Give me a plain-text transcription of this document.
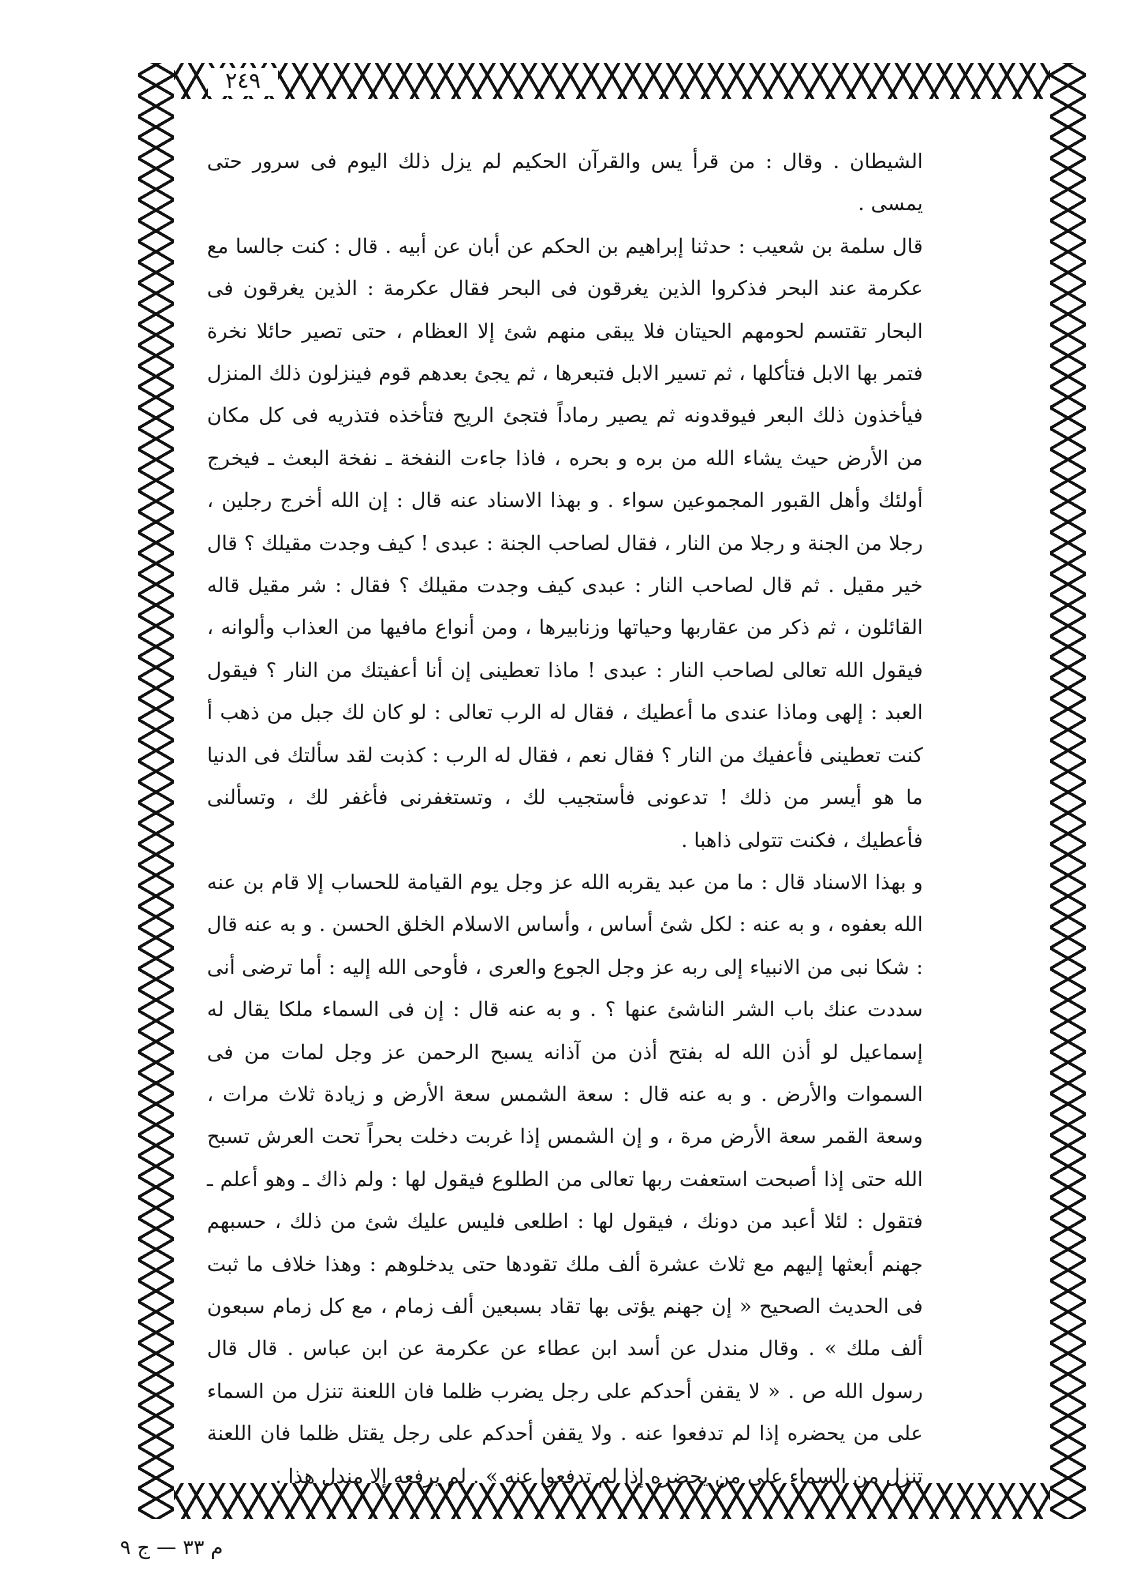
٢٤٩

الشيطان . وقال : من قرأ يس والقرآن الحكيم لم يزل ذلك اليوم فى سرور حتى يمسى .

قال سلمة بن شعيب : حدثنا إبراهيم بن الحكم عن أبان عن أبيه . قال : كنت جالسا مع عكرمة عند البحر فذكروا الذين يغرقون فى البحر فقال عكرمة : الذين يغرقون فى البحار تقتسم لحومهم الحيتان فلا يبقى منهم شئ إلا العظام ، حتى تصير حائلا نخرة فتمر بها الابل فتأكلها ، ثم تسير الابل فتبعرها ، ثم يجئ بعدهم قوم فينزلون ذلك المنزل فيأخذون ذلك البعر فيوقدونه ثم يصير رماداً فتجئ الريح فتأخذه فتذريه فى كل مكان من الأرض حيث يشاء الله من بره و بحره ، فاذا جاءت النفخة ـ نفخة البعث ـ فيخرج أولئك وأهل القبور المجموعين سواء . و بهذا الاسناد عنه قال : إن الله أخرج رجلين ، رجلا من الجنة و رجلا من النار ، فقال لصاحب الجنة : عبدى ! كيف وجدت مقيلك ؟ قال خير مقيل . ثم قال لصاحب النار : عبدى كيف وجدت مقيلك ؟ فقال : شر مقيل قاله القائلون ، ثم ذكر من عقاربها وحياتها وزنابيرها ، ومن أنواع مافيها من العذاب وألوانه ، فيقول الله تعالى لصاحب النار : عبدى ! ماذا تعطينى إن أنا أعفيتك من النار ؟ فيقول العبد : إلهى وماذا عندى ما أعطيك ، فقال له الرب تعالى : لو كان لك جبل من ذهب أ كنت تعطينى فأعفيك من النار ؟ فقال نعم ، فقال له الرب : كذبت لقد سألتك فى الدنيا ما هو أيسر من ذلك ! تدعونى فأستجيب لك ، وتستغفرنى فأغفر لك ، وتسألنى فأعطيك ، فكنت تتولى ذاهبا .

و بهذا الاسناد قال : ما من عبد يقربه الله عز وجل يوم القيامة للحساب إلا قام بن عنه الله بعفوه ، و به عنه : لكل شئ أساس ، وأساس الاسلام الخلق الحسن . و به عنه قال : شكا نبى من الانبياء إلى ربه عز وجل الجوع والعرى ، فأوحى الله إليه : أما ترضى أنى سددت عنك باب الشر الناشئ عنها ؟ . و به عنه قال : إن فى السماء ملكا يقال له إسماعيل لو أذن الله له بفتح أذن من آذانه يسبح الرحمن عز وجل لمات من فى السموات والأرض . و به عنه قال : سعة الشمس سعة الأرض و زيادة ثلاث مرات ، وسعة القمر سعة الأرض مرة ، و إن الشمس إذا غربت دخلت بحراً تحت العرش تسبح الله حتى إذا أصبحت استعفت ربها تعالى من الطلوع فيقول لها : ولم ذاك ـ وهو أعلم ـ فتقول : لئلا أعبد من دونك ، فيقول لها : اطلعى فليس عليك شئ من ذلك ، حسبهم جهنم أبعثها إليهم مع ثلاث عشرة ألف ملك تقودها حتى يدخلوهم : وهذا خلاف ما ثبت فى الحديث الصحيح « إن جهنم يؤتى بها تقاد بسبعين ألف زمام ، مع كل زمام سبعون ألف ملك » . وقال مندل عن أسد ابن عطاء عن عكرمة عن ابن عباس . قال قال رسول الله ص . « لا يقفن أحدكم على رجل يضرب ظلما فان اللعنة تنزل من السماء على من يحضره إذا لم تدفعوا عنه . ولا يقفن أحدكم على رجل يقتل ظلما فان اللعنة تنزل من السماء على من يحضره إذا لم تدفعوا عنه » . لم يرفعه إلا مندل هذا .

م ٣٣ — ج ٩
